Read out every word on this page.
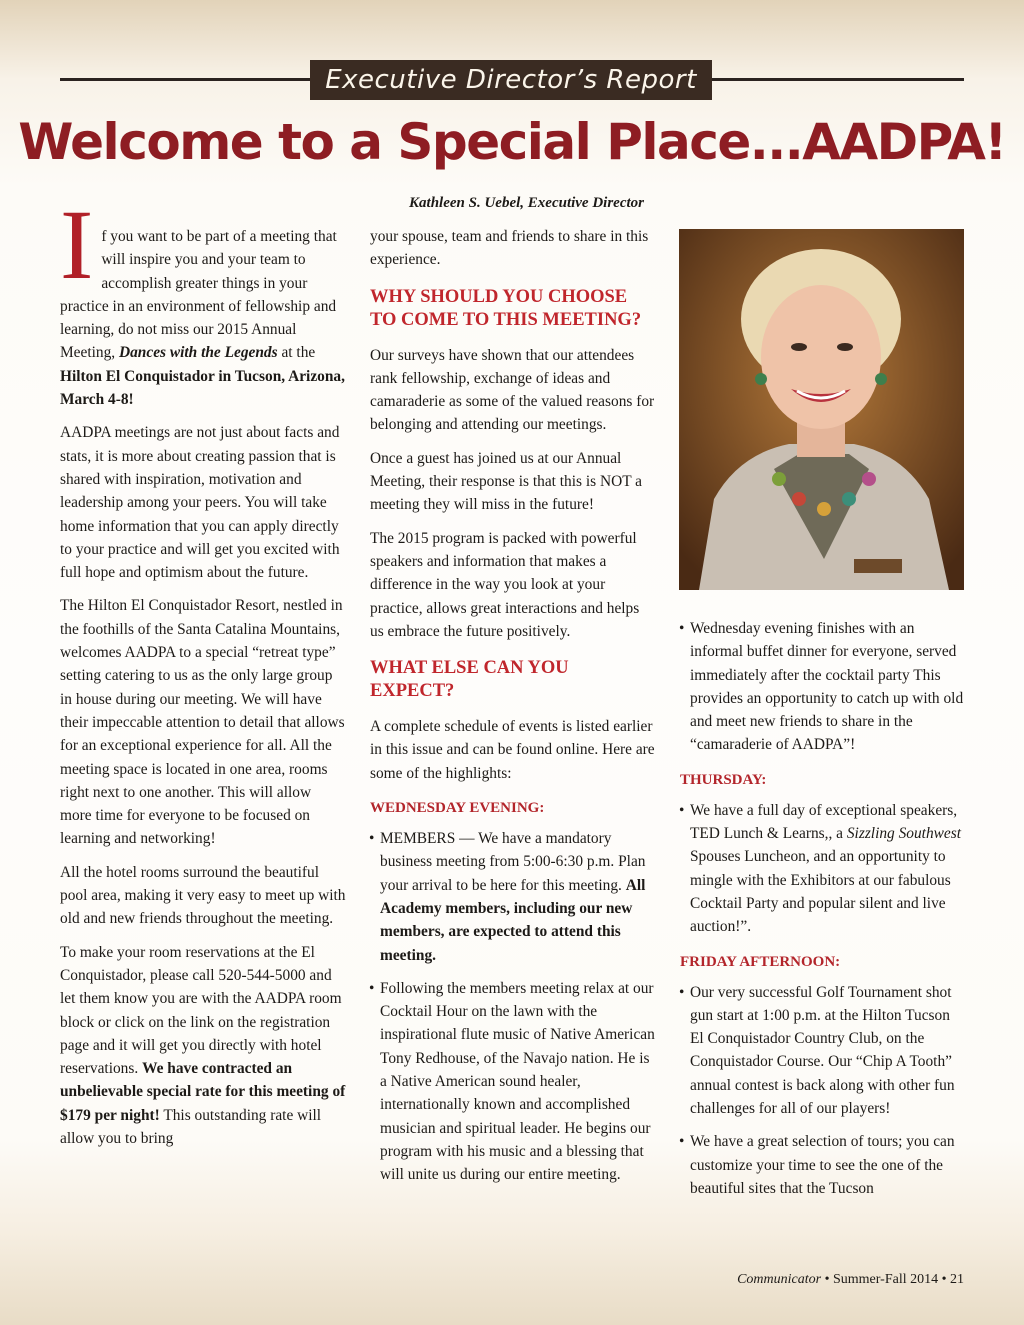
Executive Director’s Report
Welcome to a Special Place...AADPA!
Kathleen S. Uebel, Executive Director

If you want to be part of a meeting that will inspire you and your team to accomplish greater things in your practice in an environment of fellowship and learning, do not miss our 2015 Annual Meeting, Dances with the Legends at the Hilton El Conquistador in Tucson, Arizona, March 4-8!

AADPA meetings are not just about facts and stats, it is more about creating passion that is shared with inspiration, motivation and leadership among your peers. You will take home information that you can apply directly to your practice and will get you excited with full hope and optimism about the future.

The Hilton El Conquistador Resort, nestled in the foothills of the Santa Catalina Mountains, welcomes AADPA to a special “retreat type” setting catering to us as the only large group in house during our meeting. We will have their impeccable attention to detail that allows for an exceptional experience for all. All the meeting space is located in one area, rooms right next to one another. This will allow more time for everyone to be focused on learning and networking!

All the hotel rooms surround the beautiful pool area, making it very easy to meet up with old and new friends throughout the meeting.

To make your room reservations at the El Conquistador, please call 520-544-5000 and let them know you are with the AADPA room block or click on the link on the registration page and it will get you directly with hotel reservations. We have contracted an unbelievable special rate for this meeting of $179 per night! This outstanding rate will allow you to bring

your spouse, team and friends to share in this experience.

WHY SHOULD YOU CHOOSE TO COME TO THIS MEETING?

Our surveys have shown that our attendees rank fellowship, exchange of ideas and camaraderie as some of the valued reasons for belonging and attending our meetings.

Once a guest has joined us at our Annual Meeting, their response is that this is NOT a meeting they will miss in the future!

The 2015 program is packed with powerful speakers and information that makes a difference in the way you look at your practice, allows great interactions and helps us embrace the future positively.

WHAT ELSE CAN YOU EXPECT?

A complete schedule of events is listed earlier in this issue and can be found online. Here are some of the highlights:

WEDNESDAY EVENING:
• MEMBERS — We have a mandatory business meeting from 5:00-6:30 p.m. Plan your arrival to be here for this meeting. All Academy members, including our new members, are expected to attend this meeting.
• Following the members meeting relax at our Cocktail Hour on the lawn with the inspirational flute music of Native American Tony Redhouse, of the Navajo nation. He is a Native American sound healer, internationally known and accomplished musician and spiritual leader. He begins our program with his music and a blessing that will unite us during our entire meeting.
• Wednesday evening finishes with an informal buffet dinner for everyone, served immediately after the cocktail party This provides an opportunity to catch up with old and meet new friends to share in the “camaraderie of AADPA”!
THURSDAY:
• We have a full day of exceptional speakers, TED Lunch & Learns,, a Sizzling Southwest Spouses Luncheon, and an opportunity to mingle with the Exhibitors at our fabulous Cocktail Party and popular silent and live auction!”.
FRIDAY AFTERNOON:
• Our very successful Golf Tournament shot gun start at 1:00 p.m. at the Hilton Tucson El Conquistador Country Club, on the Conquistador Course. Our “Chip A Tooth” annual contest is back along with other fun challenges for all of our players!
• We have a great selection of tours; you can customize your time to see the one of the beautiful sites that the Tucson
Communicator • Summer-Fall 2014 • 21
